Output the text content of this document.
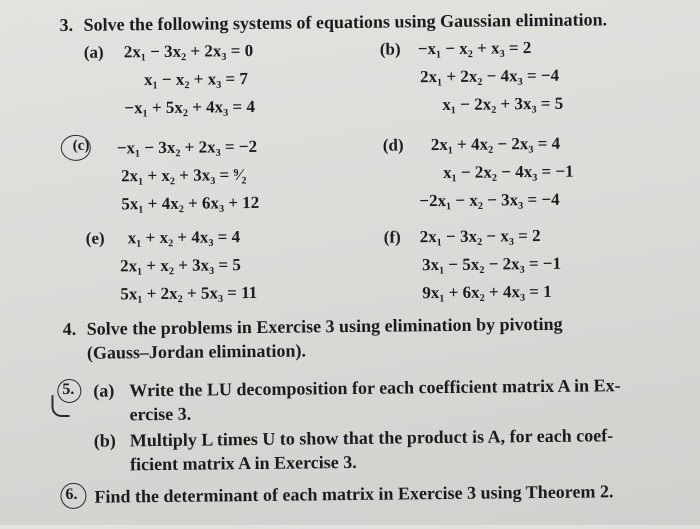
3. Solve the following systems of equations using Gaussian elimination.
(a) 2x₁ − 3x₂ + 2x₃ = 0
x₁ − x₂ + x₃ = 7
−x₁ + 5x₂ + 4x₃ = 4
(b) −x₁ − x₂ + x₃ = 2
2x₁ + 2x₂ − 4x₃ = −4
x₁ − 2x₂ + 3x₃ = 5
(c) −x₁ − 3x₂ + 2x₃ = −2
2x₁ + x₂ + 3x₃ = ⁹⁄₂
5x₁ + 4x₂ + 6x₃ + 12
(d) 2x₁ + 4x₂ − 2x₃ = 4
x₁ − 2x₂ − 4x₃ = −1
−2x₁ − x₂ − 3x₃ = −4
(e) x₁ + x₂ + 4x₃ = 4
2x₁ + x₂ + 3x₃ = 5
5x₁ + 2x₂ + 5x₃ = 11
(f) 2x₁ − 3x₂ − x₃ = 2
3x₁ − 5x₂ − 2x₃ = −1
9x₁ + 6x₂ + 4x₃ = 1
4. Solve the problems in Exercise 3 using elimination by pivoting
(Gauss–Jordan elimination).
5. (a) Write the LU decomposition for each coefficient matrix A in Ex-
ercise 3.
(b) Multiply L times U to show that the product is A, for each coef-
ficient matrix A in Exercise 3.
6. Find the determinant of each matrix in Exercise 3 using Theorem 2.
